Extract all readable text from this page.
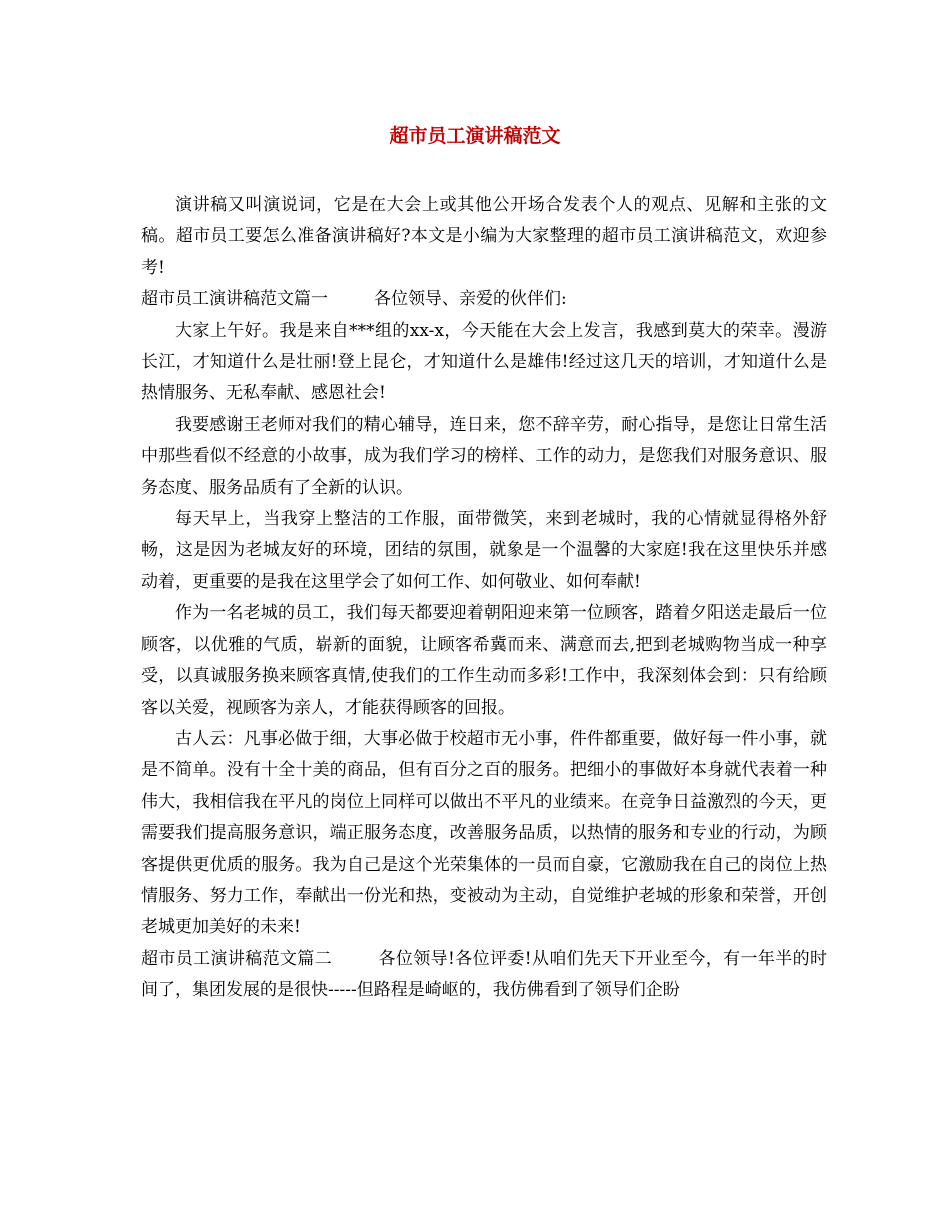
超市员工演讲稿范文

演讲稿又叫演说词，它是在大会上或其他公开场合发表个人的观点、见解和主张的文稿。超市员工要怎么准备演讲稿好?本文是小编为大家整理的超市员工演讲稿范文，欢迎参考!

超市员工演讲稿范文篇一	各位领导、亲爱的伙伴们:

大家上午好。我是来自***组的xx-x，今天能在大会上发言，我感到莫大的荣幸。漫游长江，才知道什么是壮丽!登上昆仑，才知道什么是雄伟!经过这几天的培训，才知道什么是热情服务、无私奉献、感恩社会!

我要感谢王老师对我们的精心辅导，连日来，您不辞辛劳，耐心指导，是您让日常生活中那些看似不经意的小故事，成为我们学习的榜样、工作的动力，是您我们对服务意识、服务态度、服务品质有了全新的认识。

每天早上，当我穿上整洁的工作服，面带微笑，来到老城时，我的心情就显得格外舒畅，这是因为老城友好的环境，团结的氛围，就象是一个温馨的大家庭!我在这里快乐并感动着，更重要的是我在这里学会了如何工作、如何敬业、如何奉献!

作为一名老城的员工，我们每天都要迎着朝阳迎来第一位顾客，踏着夕阳送走最后一位顾客，以优雅的气质，崭新的面貌，让顾客希冀而来、满意而去,把到老城购物当成一种享受，以真诚服务换来顾客真情,使我们的工作生动而多彩!工作中，我深刻体会到：只有给顾客以关爱，视顾客为亲人，才能获得顾客的回报。

古人云：凡事必做于细，大事必做于校超市无小事，件件都重要，做好每一件小事，就是不简单。没有十全十美的商品，但有百分之百的服务。把细小的事做好本身就代表着一种伟大，我相信我在平凡的岗位上同样可以做出不平凡的业绩来。在竞争日益激烈的今天，更需要我们提高服务意识，端正服务态度，改善服务品质，以热情的服务和专业的行动，为顾客提供更优质的服务。我为自己是这个光荣集体的一员而自豪，它激励我在自己的岗位上热情服务、努力工作，奉献出一份光和热，变被动为主动，自觉维护老城的形象和荣誉，开创老城更加美好的未来!

超市员工演讲稿范文篇二	各位领导!各位评委!从咱们先天下开业至今，有一年半的时间了，集团发展的是很快-----但路程是崎岖的，我仿佛看到了领导们企盼
